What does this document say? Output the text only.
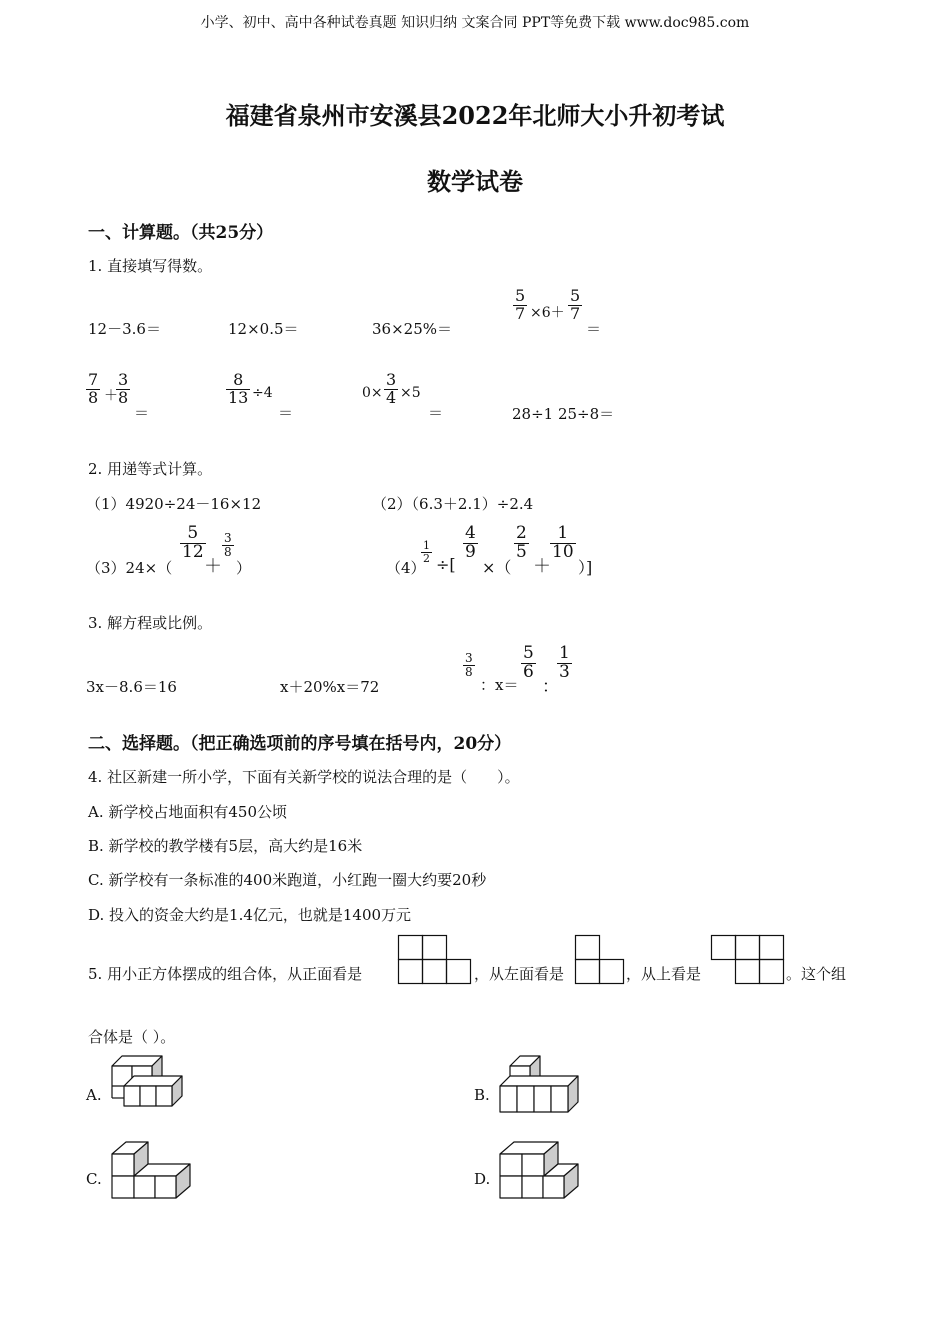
小学、初中、高中各种试卷真题 知识归纳 文案合同 PPT等免费下载 www.doc985.com
福建省泉州市安溪县2022年北师大小升初考试
数学试卷
一、计算题。（共25分）
1. 直接填写得数。
12－3.6＝	12×0.5＝	36×25%＝
$\frac{5}{7} \times 6+ \frac{5}{7}$
＝
$\frac{7}{8}$ ＋
$\frac{3}{8}$
＝
$\frac{8}{13} \div 4$
＝
$0\times \frac{3}{4} \times 5$
＝	28÷1 25÷8＝
2. 用递等式计算。
（1）4920÷24－16×12	（2）（6.3＋2.1）÷2.4
（3）24×（
$\frac{5}{12}$
＋
$\frac{3}{8}$
）	（4）
$\frac{1}{2}$
÷[
$\frac{4}{9}$
×（
$\frac{2}{5}$
＋
$\frac{1}{10}$
）]
3. 解方程或比例。
3x－8.6＝16	x＋20%x＝72
$\frac{3}{8}$
：x＝
$\frac{5}{6}$
：
$\frac{1}{3}$
二、选择题。（把正确选项前的序号填在括号内，20分）
4. 社区新建一所小学，下面有关新学校的说法合理的是（　　）。
A. 新学校占地面积有450公顷
B. 新学校的教学楼有5层，高大约是16米
C. 新学校有一条标准的400米跑道，小红跑一圈大约要20秒
D. 投入的资金大约是1.4亿元，也就是1400万元
5. 用小正方体摆成的组合体，从正面看是	，从左面看是	，从上看是	。这个组
合体是（ ）。
A.	B.
C.	D.
